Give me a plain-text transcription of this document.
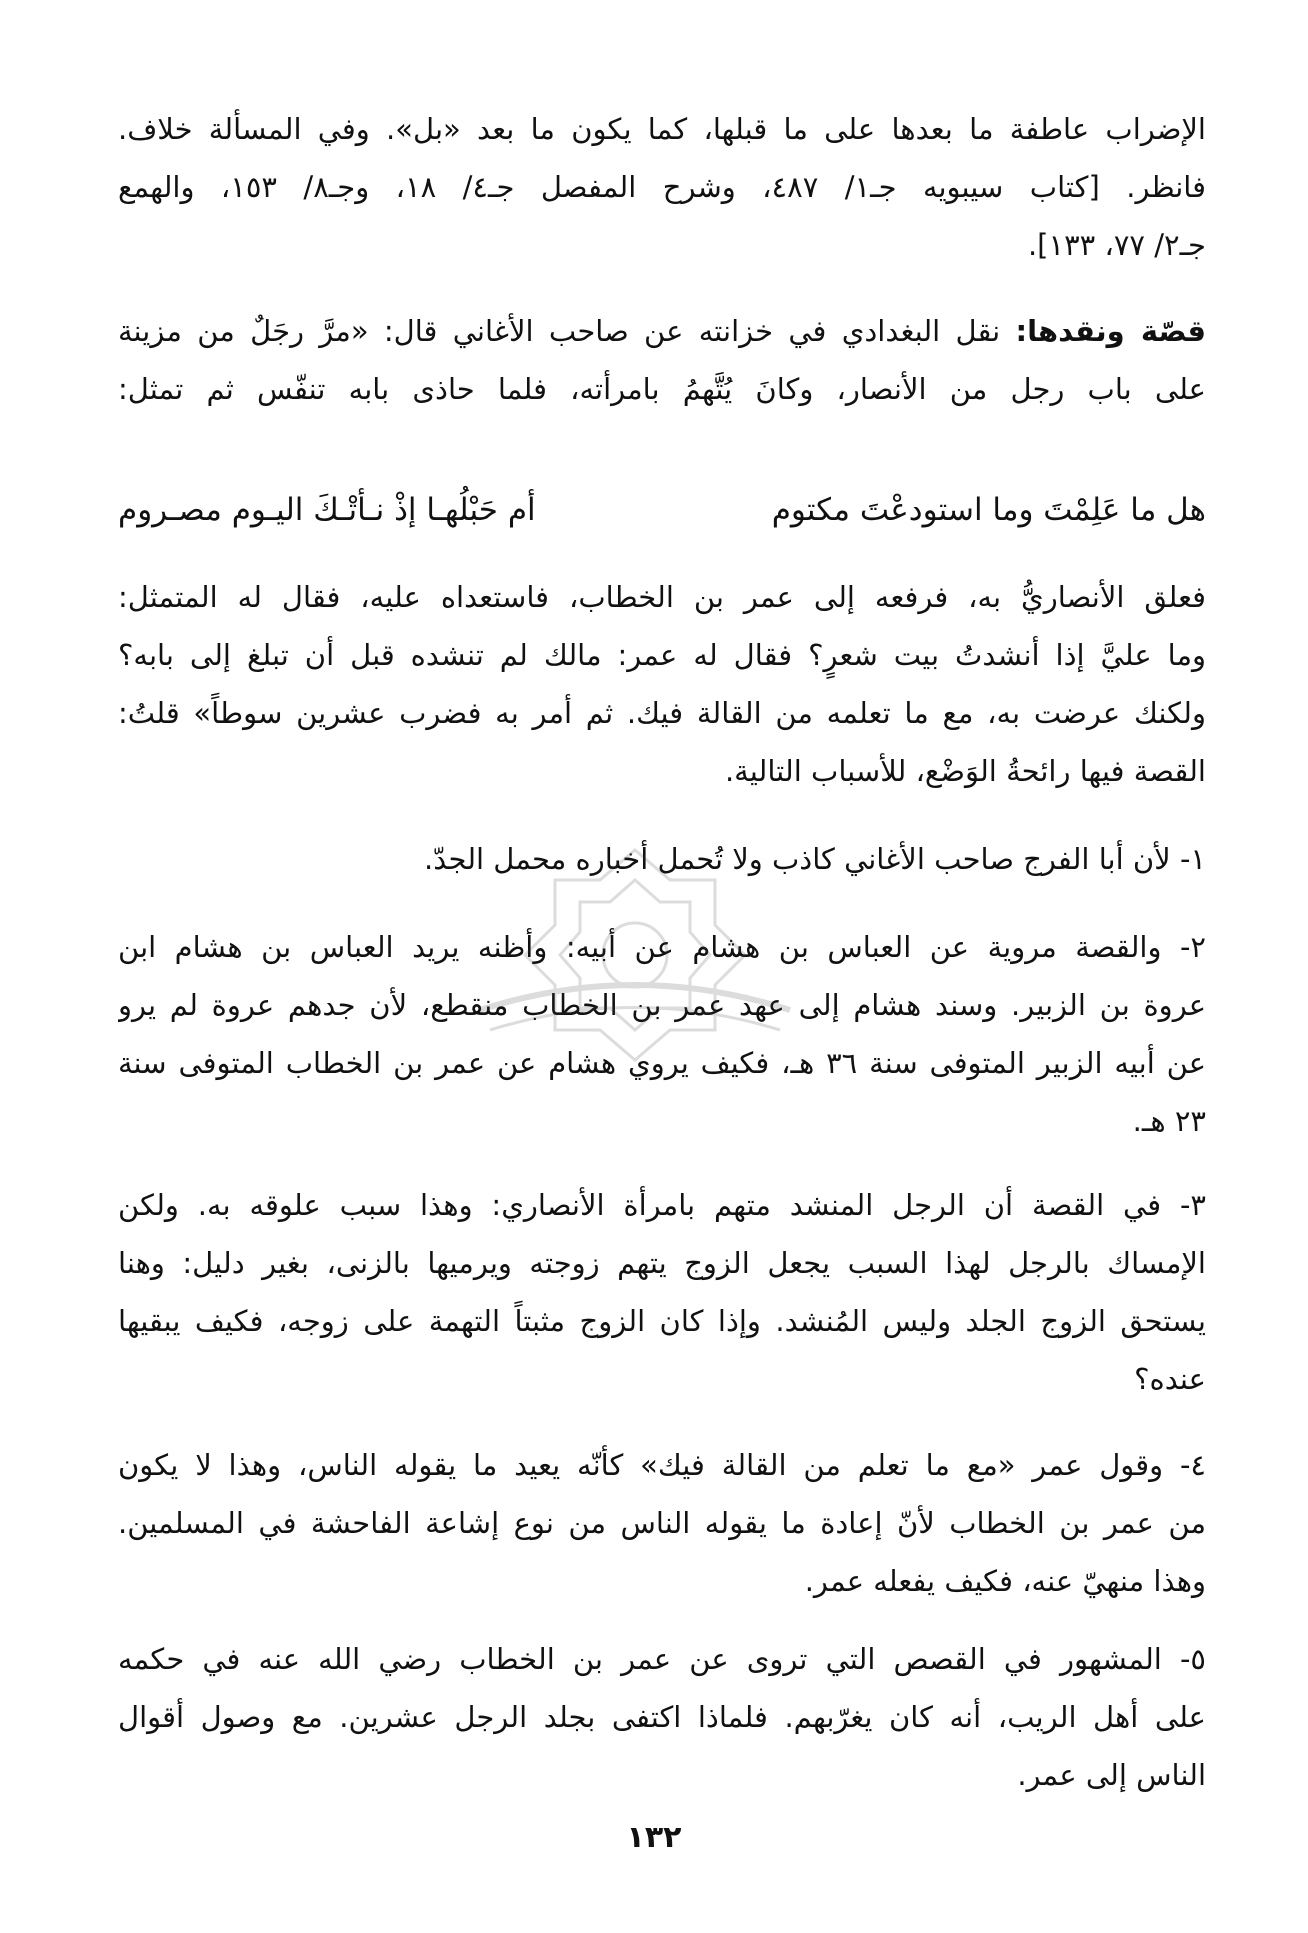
الإضراب عاطفة ما بعدها على ما قبلها، كما يكون ما بعد «بل». وفي المسألة خلاف.
فانظر. [كتاب سيبويه جـ١/ ٤٨٧، وشرح المفصل جـ٤/ ١٨، وجـ٨/ ١٥٣، والهمع
جـ٢/ ٧٧، ١٣٣].
قصّة ونقدها: نقل البغدادي في خزانته عن صاحب الأغاني قال: «مرَّ رجَلٌ من مزينة
على باب رجل من الأنصار، وكانَ يُتَّهمُ بامرأته، فلما حاذى بابه تنفّس ثم تمثل:
هل ما عَلِمْتَ وما استودعْتَ مكتوم
أم حَبْلُهـا إذْ نـأتْـكَ اليـوم مصـروم
فعلق الأنصاريُّ به، فرفعه إلى عمر بن الخطاب، فاستعداه عليه، فقال له المتمثل:
وما عليَّ إذا أنشدتُ بيت شعرٍ؟ فقال له عمر: مالك لم تنشده قبل أن تبلغ إلى بابه؟
ولكنك عرضت به، مع ما تعلمه من القالة فيك. ثم أمر به فضرب عشرين سوطاً» قلتُ:
القصة فيها رائحةُ الوَضْع، للأسباب التالية.
١- لأن أبا الفرج صاحب الأغاني كاذب ولا تُحمل أخباره محمل الجدّ.
٢- والقصة مروية عن العباس بن هشام عن أبيه: وأظنه يريد العباس بن هشام ابن
عروة بن الزبير. وسند هشام إلى عهد عمر بن الخطاب منقطع، لأن جدهم عروة لم يرو
عن أبيه الزبير المتوفى سنة ٣٦ هـ، فكيف يروي هشام عن عمر بن الخطاب المتوفى سنة
٢٣ هـ.
٣- في القصة أن الرجل المنشد متهم بامرأة الأنصاري: وهذا سبب علوقه به. ولكن
الإمساك بالرجل لهذا السبب يجعل الزوج يتهم زوجته ويرميها بالزنى، بغير دليل: وهنا
يستحق الزوج الجلد وليس المُنشد. وإذا كان الزوج مثبتاً التهمة على زوجه، فكيف يبقيها
عنده؟
٤- وقول عمر «مع ما تعلم من القالة فيك» كأنّه يعيد ما يقوله الناس، وهذا لا يكون
من عمر بن الخطاب لأنّ إعادة ما يقوله الناس من نوع إشاعة الفاحشة في المسلمين.
وهذا منهيّ عنه، فكيف يفعله عمر.
٥- المشهور في القصص التي تروى عن عمر بن الخطاب رضي الله عنه في حكمه
على أهل الريب، أنه كان يغرّبهم. فلماذا اكتفى بجلد الرجل عشرين. مع وصول أقوال
الناس إلى عمر.
١٣٢
